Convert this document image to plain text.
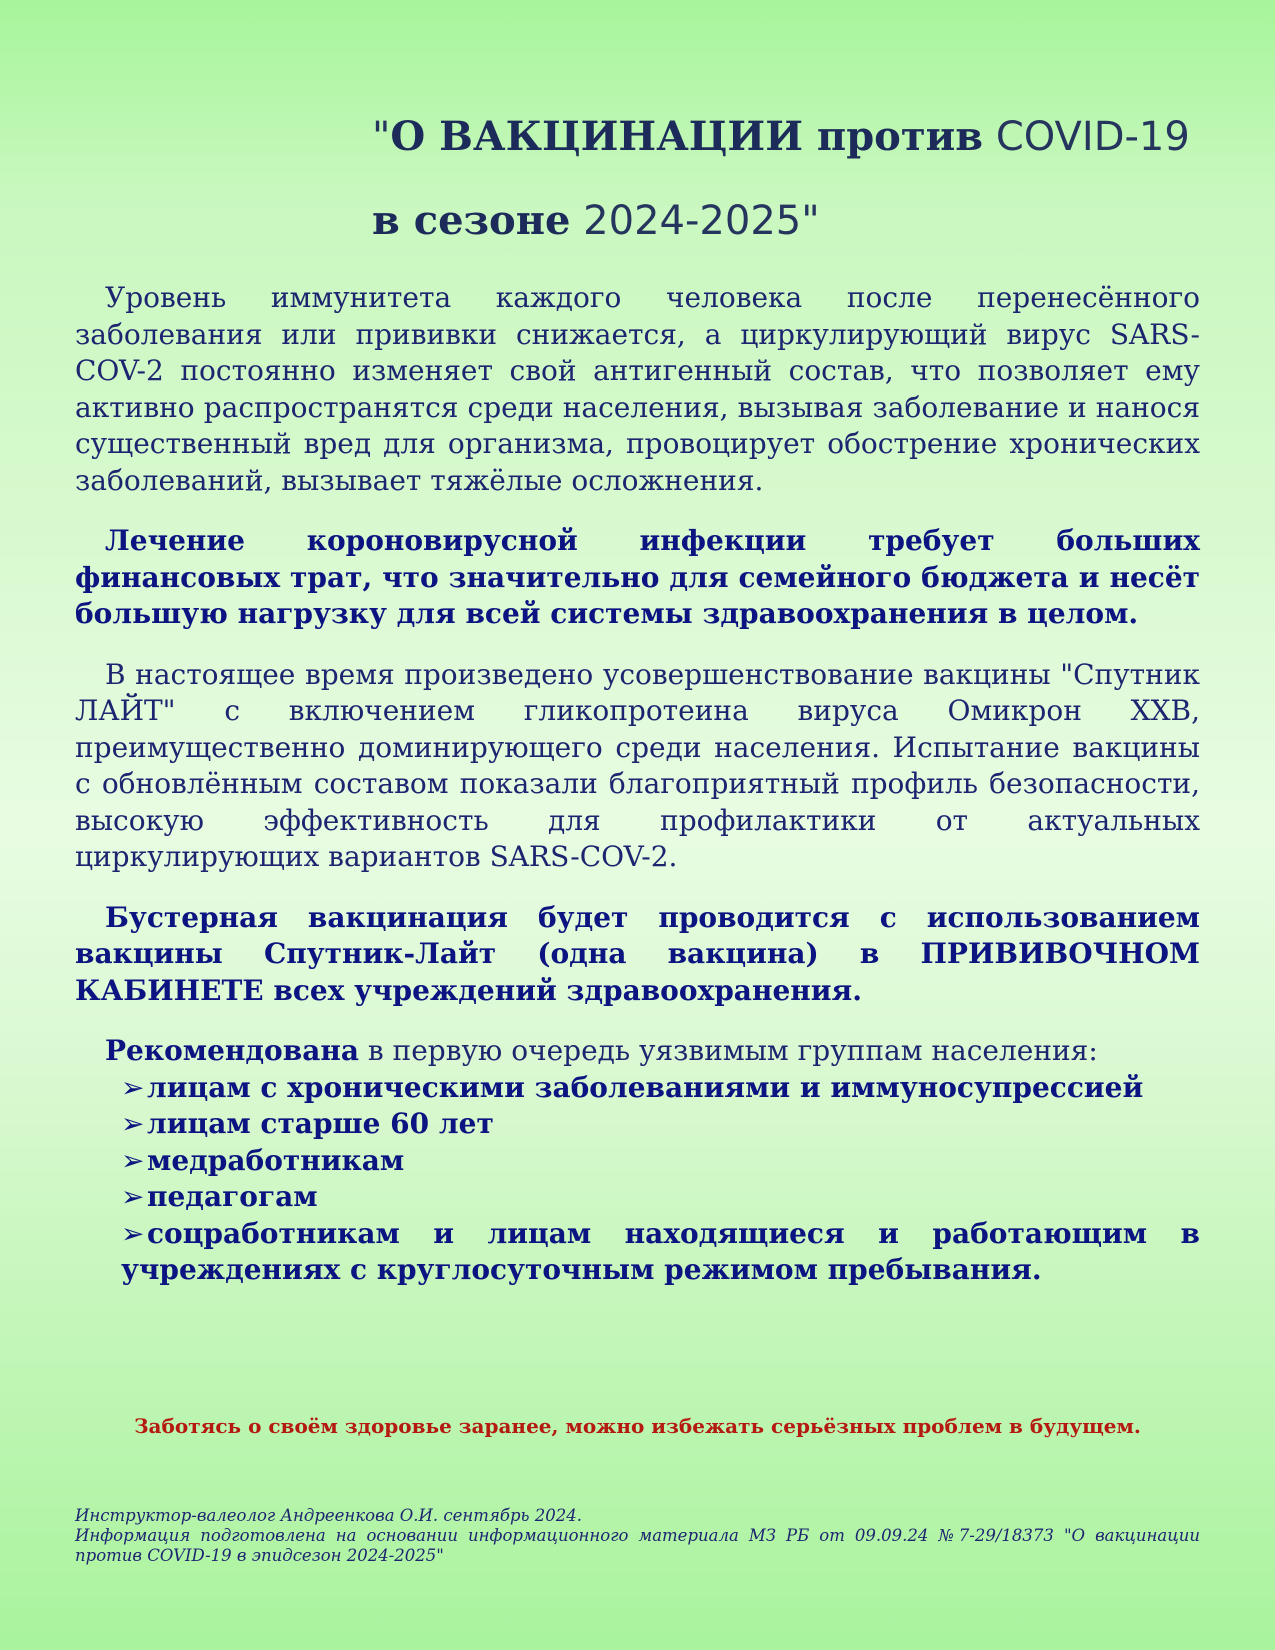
"О ВАКЦИНАЦИИ против COVID-19
в сезоне 2024-2025"

Уровень иммунитета каждого человека после перенесённого заболевания или прививки снижается, а циркулирующий вирус SARS-COV-2 постоянно изменяет свой антигенный состав, что позволяет ему активно распространятся среди населения, вызывая заболевание и нанося существенный вред для организма, провоцирует обострение хронических заболеваний, вызывает тяжёлые осложнения.

Лечение короновирусной инфекции требует больших финансовых трат, что значительно для семейного бюджета и несёт большую нагрузку для всей системы здравоохранения в целом.

В настоящее время произведено усовершенствование вакцины "Спутник ЛАЙТ" с включением гликопротеина вируса Омикрон ХХВ, преимущественно доминирующего среди населения. Испытание вакцины с обновлённым составом показали благоприятный профиль безопасности, высокую эффективность для профилактики от актуальных циркулирующих вариантов SARS-COV-2.

Бустерная вакцинация будет проводится с использованием вакцины Спутник-Лайт (одна вакцина) в ПРИВИВОЧНОМ КАБИНЕТЕ всех учреждений здравоохранения.

Рекомендована в первую очередь уязвимым группам населения:

➢лицам с хроническими заболеваниями и иммуносупрессией
➢лицам старше 60 лет
➢медработникам
➢педагогам
➢соцработникам и лицам находящиеся и работающим в учреждениях с круглосуточным режимом пребывания.
Заботясь о своём здоровье заранее, можно избежать серьёзных проблем в будущем.
Инструктор-валеолог Андреенкова О.И. сентябрь 2024.
Информация подготовлена на основании информационного материала МЗ РБ от 09.09.24 №7-29/18373 "О вакцинации против COVID-19 в эпидсезон 2024-2025"
